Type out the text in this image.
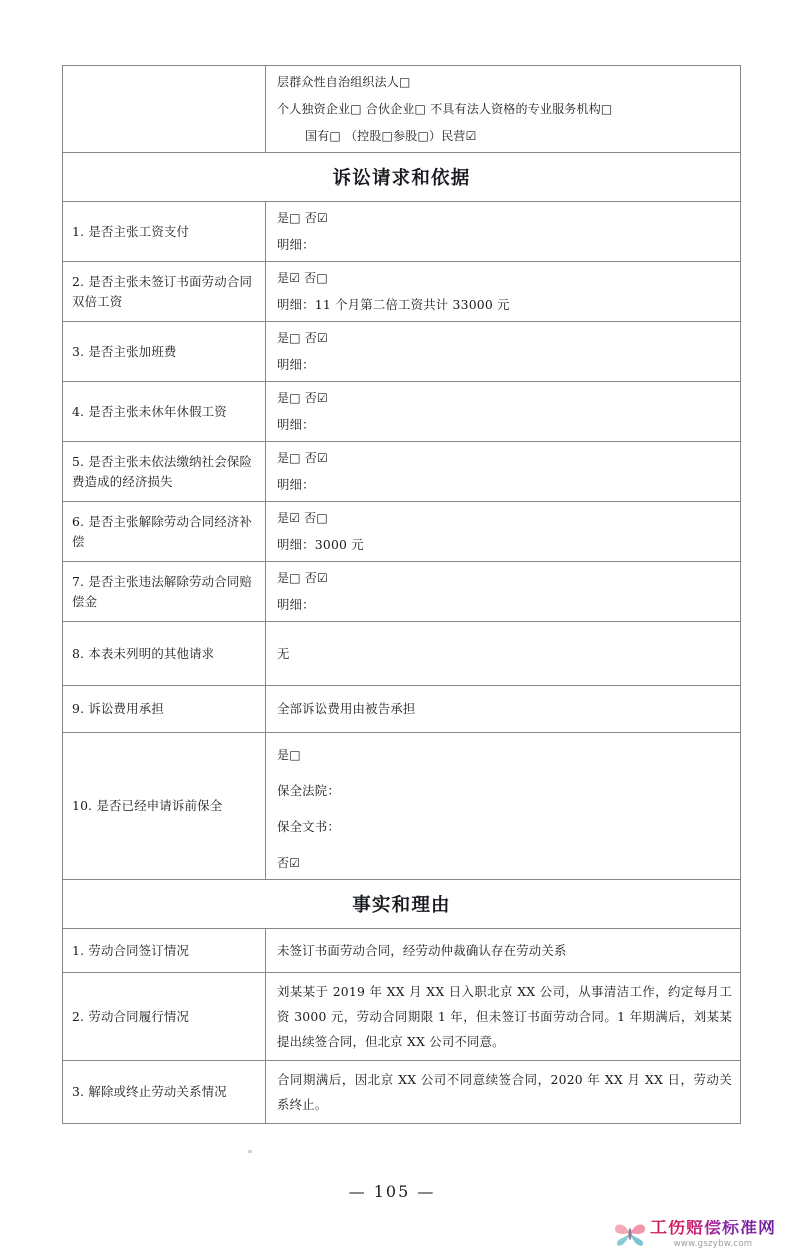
	层群众性自治组织法人□
个人独资企业□ 合伙企业□ 不具有法人资格的专业服务机构□
国有□ （控股□参股□）民营☑

诉讼请求和依据	

1. 是否主张工资支付	是□ 否☑
明细：

2. 是否主张未签订书面劳动合同双倍工资	是☑ 否□
明细：11 个月第二倍工资共计 33000 元

3. 是否主张加班费	是□ 否☑
明细：

4. 是否主张未休年休假工资	是□ 否☑
明细：

5. 是否主张未依法缴纳社会保险费造成的经济损失	是□ 否☑
明细：

6. 是否主张解除劳动合同经济补偿	是☑ 否□
明细：3000 元

7. 是否主张违法解除劳动合同赔偿金	是□ 否☑
明细：

8. 本表未列明的其他请求	无

9. 诉讼费用承担	全部诉讼费用由被告承担

10. 是否已经申请诉前保全	是□
保全法院：
保全文书：
否☑

事实和理由	

1. 劳动合同签订情况	未签订书面劳动合同，经劳动仲裁确认存在劳动关系

2. 劳动合同履行情况	刘某某于 2019 年 XX 月 XX 日入职北京 XX 公司，从事清洁工作，约定每月工资 3000 元，劳动合同期限 1 年，但未签订书面劳动合同。1 年期满后，刘某某提出续签合同，但北京 XX 公司不同意。

3. 解除或终止劳动关系情况	合同期满后，因北京 XX 公司不同意续签合同，2020 年 XX 月 XX 日，劳动关系终止。
— 105 —
工伤赔偿标准网
www.gszybw.com
